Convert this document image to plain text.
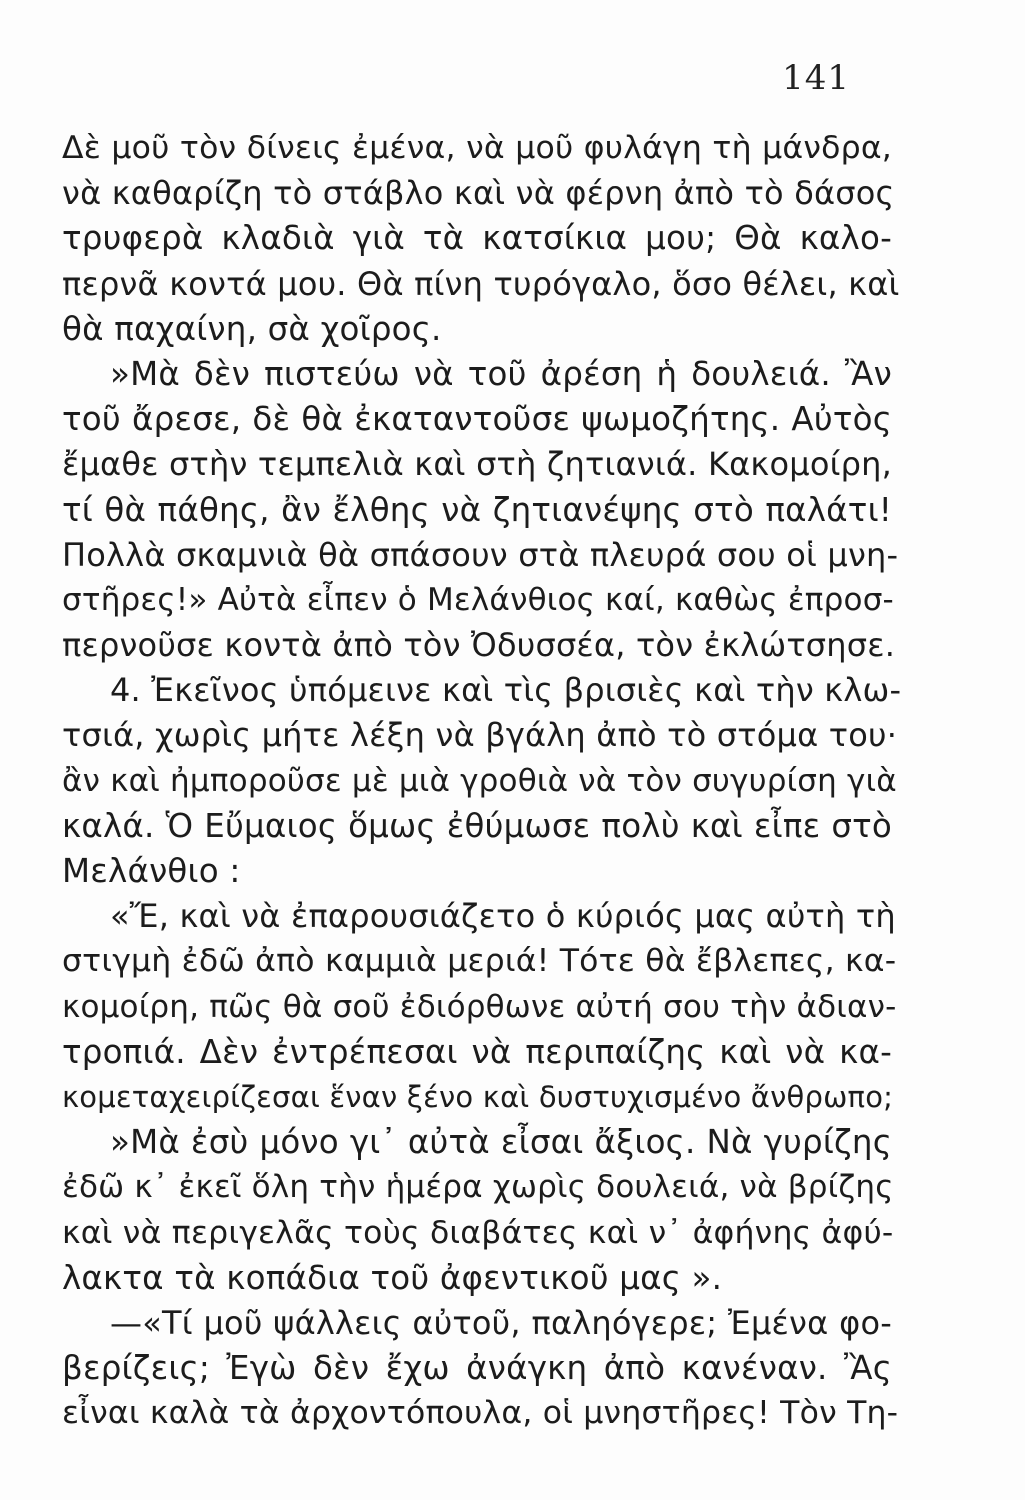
141
Δὲ μοῦ τὸν δίνεις ἐμένα, νὰ μοῦ φυλάγη τὴ μάνδρα,
νὰ καθαρίζη τὸ στάβλο καὶ νὰ φέρνη ἀπὸ τὸ δάσος
τρυφερὰ κλαδιὰ γιὰ τὰ κατσίκια μου; Θὰ καλο-
περνᾶ κοντά μου. Θὰ πίνη τυρόγαλο, ὅσο θέλει, καὶ
θὰ παχαίνη, σὰ χοῖρος.
»Μὰ δὲν πιστεύω νὰ τοῦ ἀρέση ἡ δουλειά. Ἂν
τοῦ ἄρεσε, δὲ θὰ ἐκαταντοῦσε ψωμοζήτης. Αὐτὸς
ἔμαθε στὴν τεμπελιὰ καὶ στὴ ζητιανιά. Κακομοίρη,
τί θὰ πάθης, ἂν ἔλθης νὰ ζητιανέψης στὸ παλάτι!
Πολλὰ σκαμνιὰ θὰ σπάσουν στὰ πλευρά σου οἱ μνη-
στῆρες!» Αὐτὰ εἶπεν ὁ Μελάνθιος καί, καθὼς ἐπροσ-
περνοῦσε κοντὰ ἀπὸ τὸν Ὀδυσσέα, τὸν ἐκλώτσησε.
4. Ἐκεῖνος ὑπόμεινε καὶ τὶς βρισιὲς καὶ τὴν κλω-
τσιά, χωρὶς μήτε λέξη νὰ βγάλη ἀπὸ τὸ στόμα του·
ἂν καὶ ἠμποροῦσε μὲ μιὰ γροθιὰ νὰ τὸν συγυρίση γιὰ
καλά. Ὁ Εὔμαιος ὅμως ἐθύμωσε πολὺ καὶ εἶπε στὸ
Μελάνθιο :
«Ἔ, καὶ νὰ ἐπαρουσιάζετο ὁ κύριός μας αὐτὴ τὴ
στιγμὴ ἐδῶ ἀπὸ καμμιὰ μεριά! Τότε θὰ ἔβλεπες, κα-
κομοίρη, πῶς θὰ σοῦ ἐδιόρθωνε αὐτή σου τὴν ἀδιαν-
τροπιά. Δὲν ἐντρέπεσαι νὰ περιπαίζης καὶ νὰ κα-
κομεταχειρίζεσαι ἕναν ξένο καὶ δυστυχισμένο ἄνθρωπο;
»Μὰ ἐσὺ μόνο γι᾽ αὐτὰ εἶσαι ἄξιος. Νὰ γυρίζης
ἐδῶ κ᾽ ἐκεῖ ὅλη τὴν ἡμέρα χωρὶς δουλειά, νὰ βρίζης
καὶ νὰ περιγελᾶς τοὺς διαβάτες καὶ ν᾽ ἀφήνης ἀφύ-
λακτα τὰ κοπάδια τοῦ ἀφεντικοῦ μας ».
—«Τί μοῦ ψάλλεις αὐτοῦ, παληόγερε; Ἐμένα φο-
βερίζεις; Ἐγὼ δὲν ἔχω ἀνάγκη ἀπὸ κανέναν. Ἂς
εἶναι καλὰ τὰ ἀρχοντόπουλα, οἱ μνηστῆρες! Τὸν Τη-
